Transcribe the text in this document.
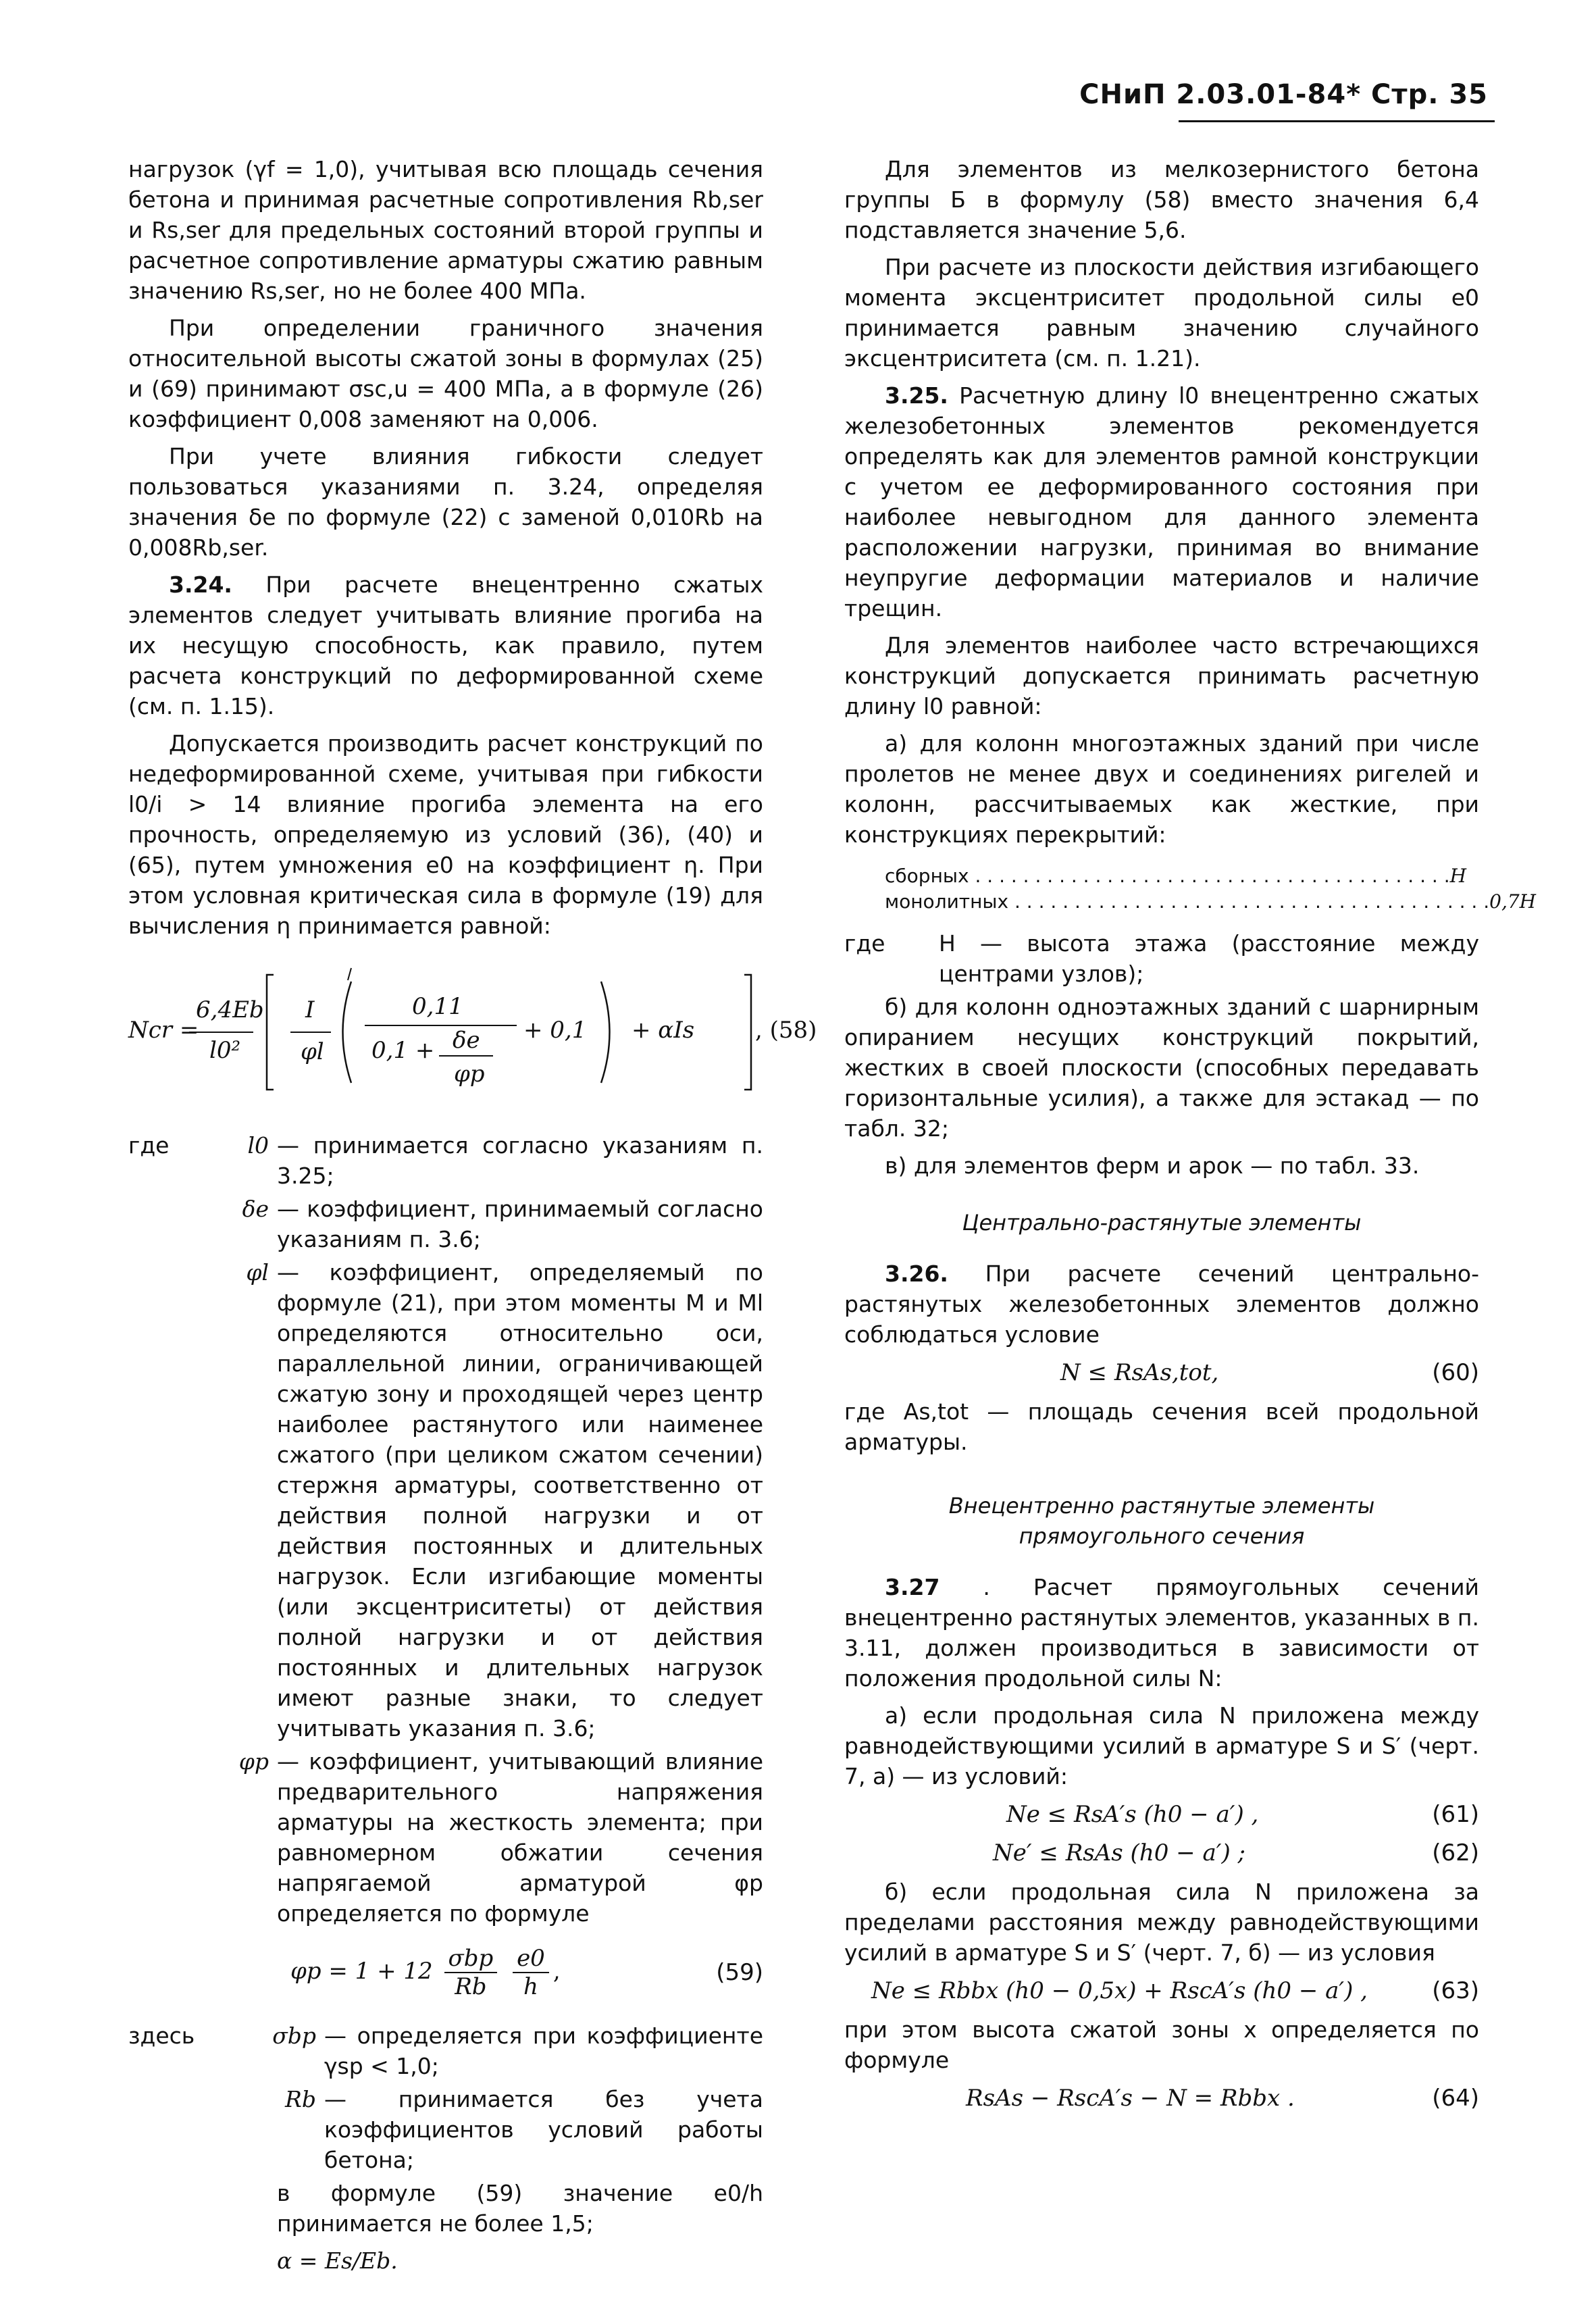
СНиП 2.03.01-84* Стр. 35

нагрузок (γf = 1,0), учитывая всю площадь сечения бетона и принимая расчетные сопротивления Rb,ser и Rs,ser для предельных состояний второй группы и расчетное сопротивление арматуры сжатию равным значению Rs,ser, но не более 400 МПа.

При определении граничного значения относительной высоты сжатой зоны в формулах (25) и (69) принимают σsc,u = 400 МПа, а в формуле (26) коэффициент 0,008 заменяют на 0,006.

При учете влияния гибкости следует пользоваться указаниями п. 3.24, определяя значения δe по формуле (22) с заменой 0,010Rb на 0,008Rb,ser.

3.24. При расчете внецентренно сжатых элементов следует учитывать влияние прогиба на их несущую способность, как правило, путем расчета конструкций по деформированной схеме (см. п. 1.15).

Допускается производить расчет конструкций по недеформированной схеме, учитывая при гибкости l0/i > 14 влияние прогиба элемента на его прочность, определяемую из условий (36), (40) и (65), путем умножения e0 на коэффициент η. При этом условная критическая сила в формуле (19) для вычисления η принимается равной:

Ncr =
6,4Eb
l0²
I
φl
0,11
0,1 + δe
φp
+ 0,1 + αIs	, (58)
где	l0 — принимается согласно указаниям п. 3.25;
δe — коэффициент, принимаемый согласно указаниям п. 3.6;
φl — коэффициент, определяемый по формуле (21), при этом моменты M и Ml определяются относительно оси, параллельной линии, ограничивающей сжатую зону и проходящей через центр наиболее растянутого или наименее сжатого (при целиком сжатом сечении) стержня арматуры, соответственно от действия полной нагрузки и от действия постоянных и длительных нагрузок. Если изгибающие моменты (или эксцентриситеты) от действия полной нагрузки и от действия постоянных и длительных нагрузок имеют разные знаки, то следует учитывать указания п. 3.6;
φp — коэффициент, учитывающий влияние предварительного напряжения арматуры на жесткость элемента; при равномерном обжатии сечения напрягаемой арматурой φp определяется по формуле
$\varphi p = 1 + 12 \frac{\text{σbp}}{Rb}$
$\frac{e0}{h}$ ,	(59)
здесь	σbp — определяется при коэффициенте γsp < 1,0;
Rb — принимается без учета коэффициентов условий работы бетона;

в формуле (59) значение e0/h принимается не более 1,5;

α = Es/Eb.

Для элементов из мелкозернистого бетона группы Б в формулу (58) вместо значения 6,4 подставляется значение 5,6.

При расчете из плоскости действия изгибающего момента эксцентриситет продольной силы e0 принимается равным значению случайного эксцентриситета (см. п. 1.21).

3.25. Расчетную длину l0 внецентренно сжатых железобетонных элементов рекомендуется определять как для элементов рамной конструкции с учетом ее деформированного состояния при наиболее невыгодном для данного элемента расположении нагрузки, принимая во внимание неупругие деформации материалов и наличие трещин.

Для элементов наиболее часто встречающихся конструкций допускается принимать расчетную длину l0 равной:

а) для колонн многоэтажных зданий при числе пролетов не менее двух и соединениях ригелей и колонн, рассчитываемых как жесткие, при конструкциях перекрытий:

сборных . . . . . . . . . . . . . . . . . . . . . . . . . . . . . . . . . . . . . . . . H
монолитных . . . . . . . . . . . . . . . . . . . . . . . . . . . . . . . . . . . . . . . . 0,7H
где	H — высота этажа (расстояние между центрами узлов);

б) для колонн одноэтажных зданий с шарнирным опиранием несущих конструкций покрытий, жестких в своей плоскости (способных передавать горизонтальные усилия), а также для эстакад — по табл. 32;

в) для элементов ферм и арок — по табл. 33.

Центрально-растянутые элементы

3.26. При расчете сечений центрально-растянутых железобетонных элементов должно соблюдаться условие

N ≤ RsAs,tot,	(60)

где As,tot — площадь сечения всей продольной арматуры.

Внецентренно растянутые элементы
прямоугольного сечения

3.27 . Расчет прямоугольных сечений внецентренно растянутых элементов, указанных в п. 3.11, должен производиться в зависимости от положения продольной силы N:

а) если продольная сила N приложена между равнодействующими усилий в арматуре S и S′ (черт. 7, а) — из условий:

Ne ≤ RsA′s (h0 − a′) ,	(61)
Ne′ ≤ RsAs (h0 − a′) ;	(62)

б) если продольная сила N приложена за пределами расстояния между равнодействующими усилий в арматуре S и S′ (черт. 7, б) — из условия

Ne ≤ Rbbx (h0 − 0,5x) + RscA′s (h0 − a′) ,	(63)

при этом высота сжатой зоны x определяется по формуле

RsAs − RscA′s − N = Rbbx .	(64)
